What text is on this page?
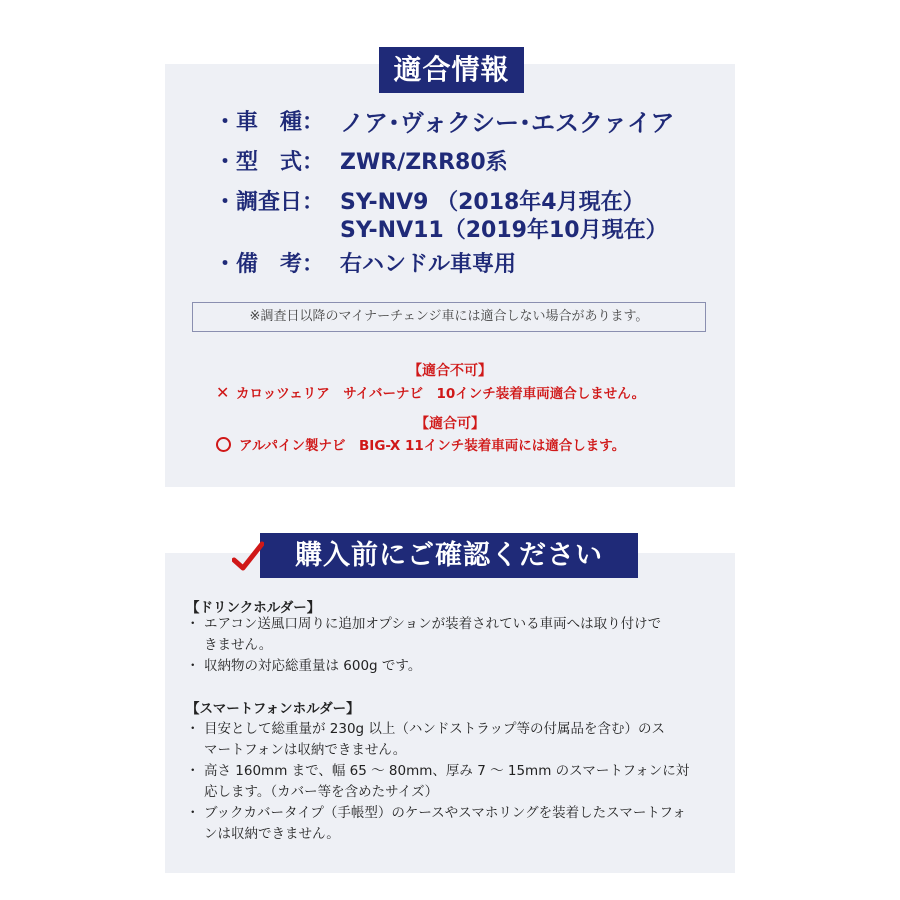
適合情報
・車　種： ノア･ヴォクシー･エスクァイア
・型　式： ZWR/ZRR80系
・調査日： SY-NV9 （2018年4月現在）
SY-NV11（2019年10月現在）
・備　考： 右ハンドル車専用
※調査日以降のマイナーチェンジ車には適合しない場合があります。
【適合不可】
✕ カロッツェリア　サイバーナビ　10インチ装着車両適合しません。
【適合可】
アルパイン製ナビ　BIG-X 11インチ装着車両には適合します。
購入前にご確認ください
【ドリンクホルダー】
・ エアコン送風口周りに追加オプションが装着されている車両へは取り付けで
きません。
・ 収納物の対応総重量は 600g です。
【スマートフォンホルダー】
・ 目安として総重量が 230g 以上（ハンドストラップ等の付属品を含む）のス
マートフォンは収納できません。
・ 高さ 160mm まで、幅 65 ～ 80mm、厚み 7 ～ 15mm のスマートフォンに対
応します。（カバー等を含めたサイズ）
・ ブックカバータイプ（手帳型）のケースやスマホリングを装着したスマートフォ
ンは収納できません。
